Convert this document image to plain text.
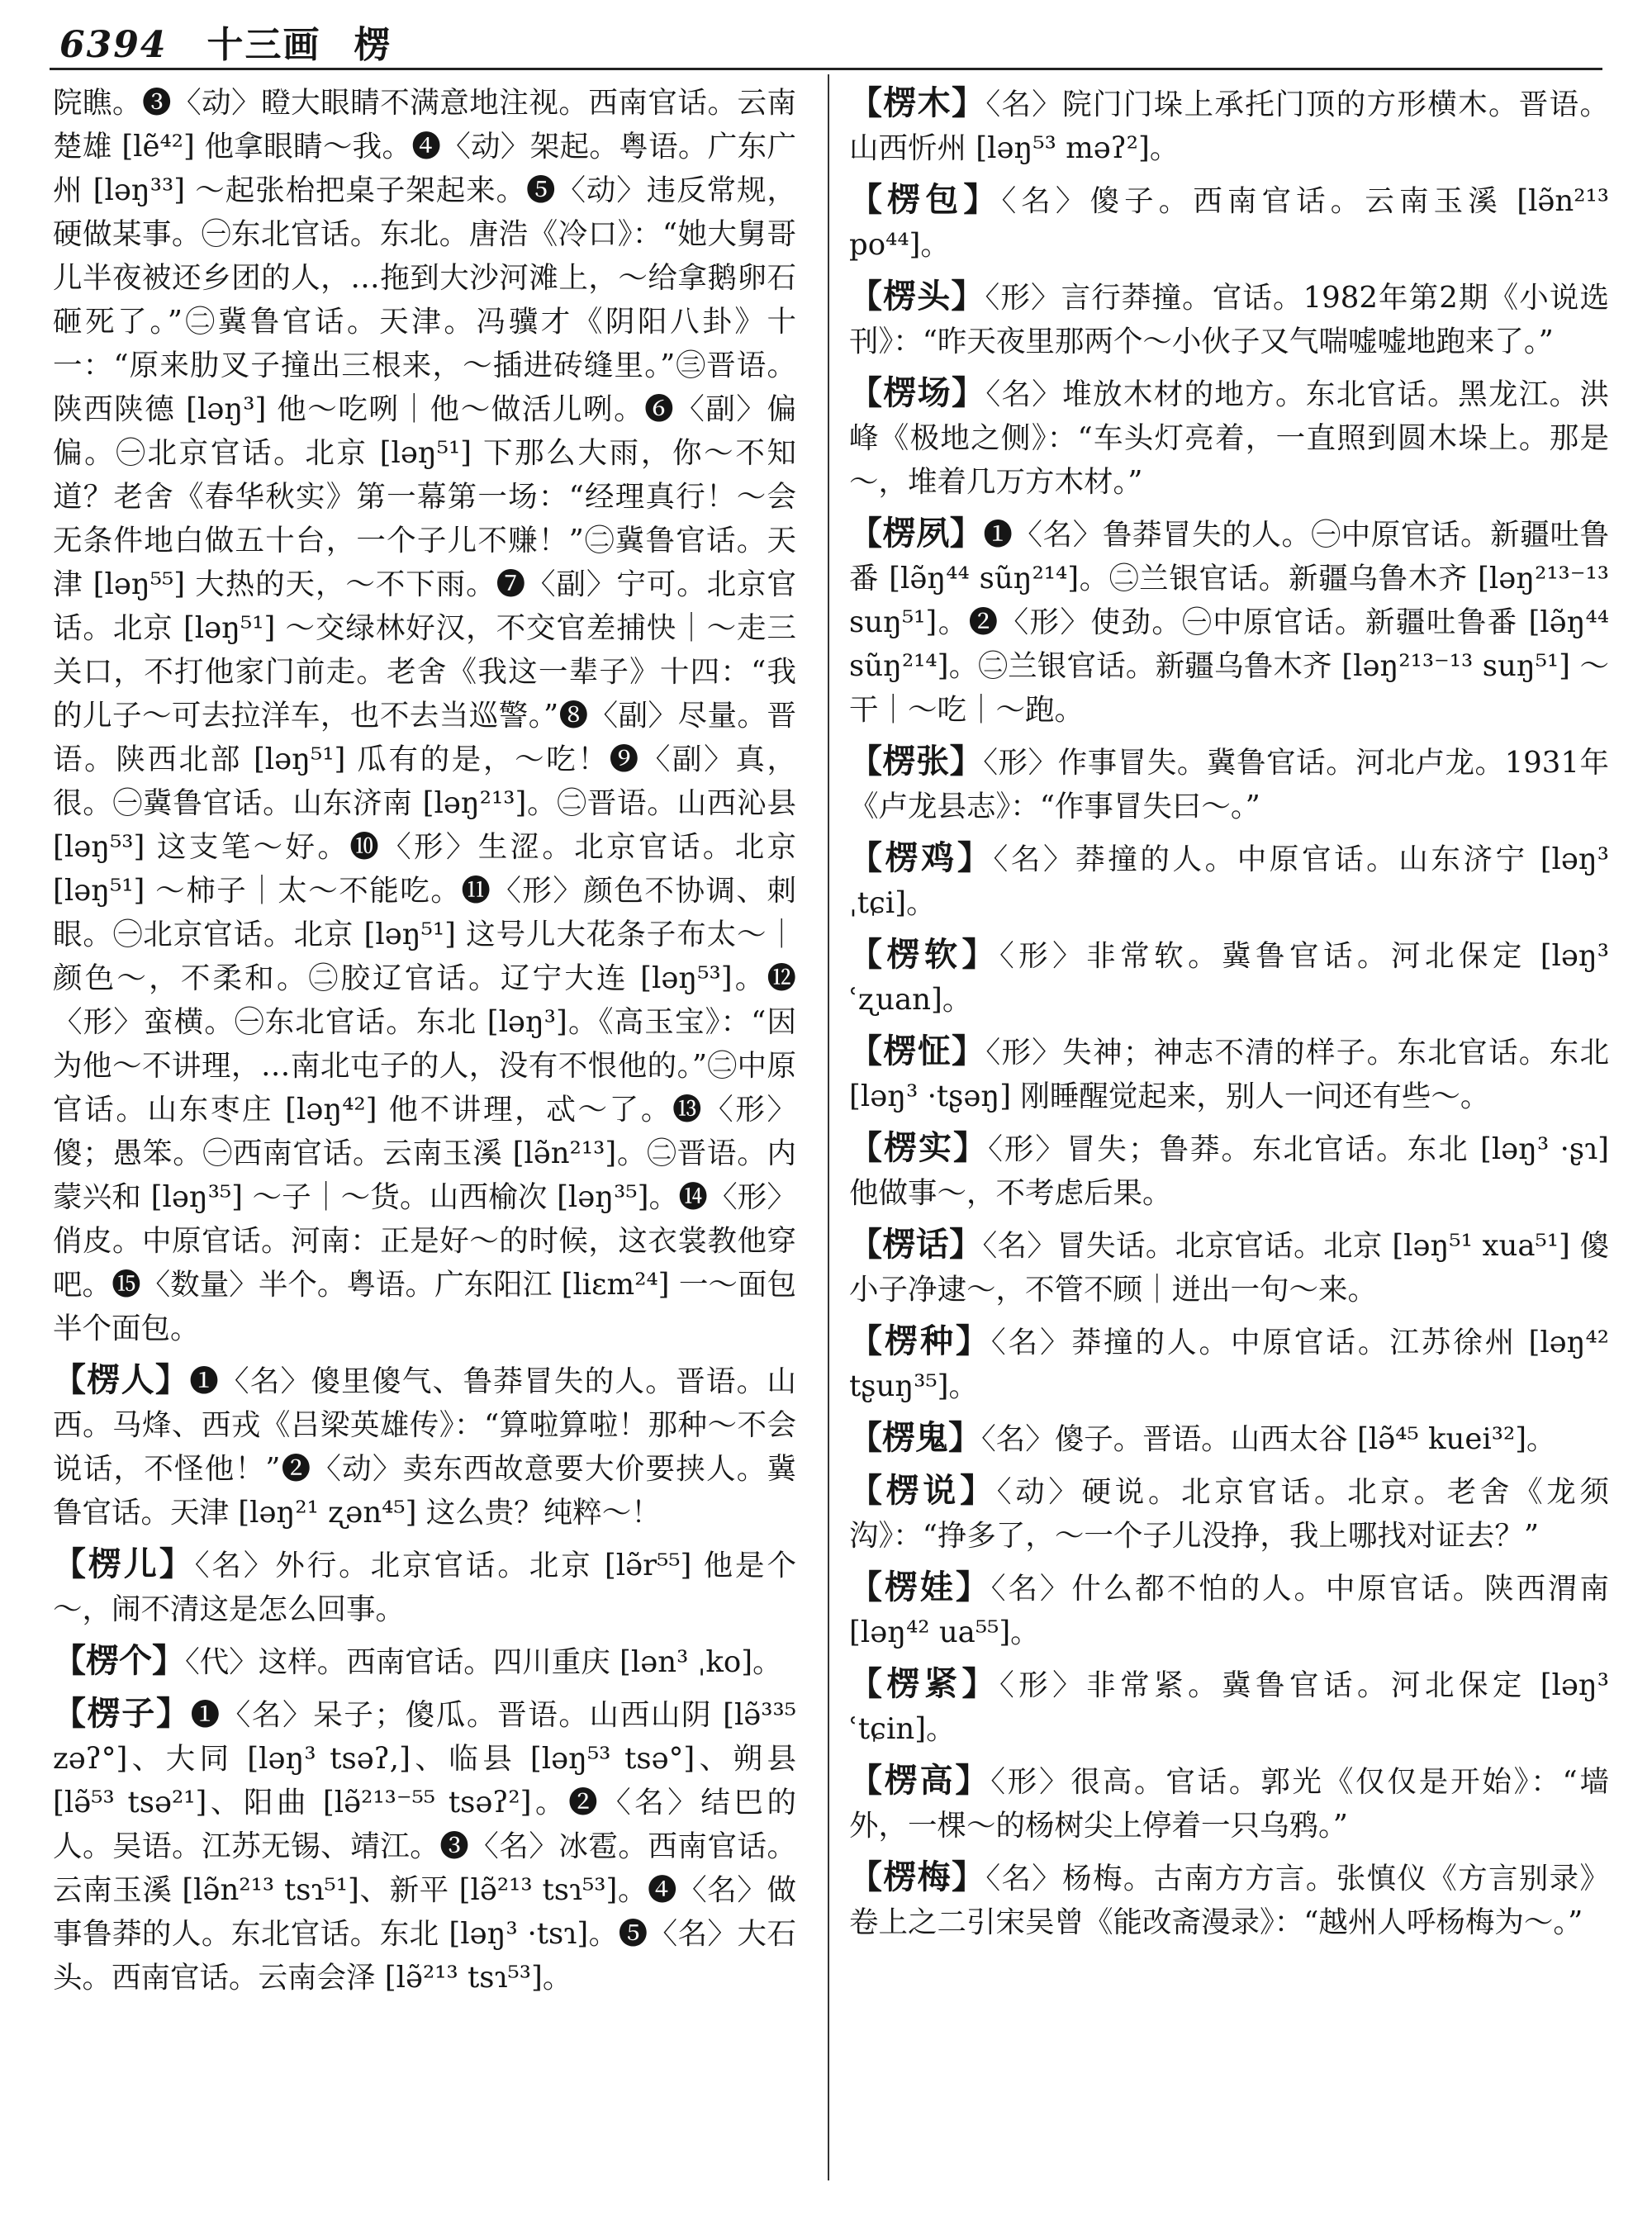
6394 十三画 楞

院瞧。❸〈动〉瞪大眼睛不满意地注视。西南官话。云南楚雄 [lẽ⁴²] 他拿眼睛～我。❹〈动〉架起。粤语。广东广州 [ləŋ³³] ～起张枱把桌子架起来。❺〈动〉违反常规，硬做某事。㊀东北官话。东北。唐浩《冷口》：“她大舅哥儿半夜被还乡团的人，…拖到大沙河滩上，～给拿鹅卵石砸死了。”㊁冀鲁官话。天津。冯骥才《阴阳八卦》十一：“原来肋叉子撞出三根来，～插进砖缝里。”㊂晋语。陕西陕德 [ləŋ³] 他～吃咧｜他～做活儿咧。❻〈副〉偏偏。㊀北京官话。北京 [ləŋ⁵¹] 下那么大雨，你～不知道？老舍《春华秋实》第一幕第一场：“经理真行！～会无条件地白做五十台，一个子儿不赚！”㊁冀鲁官话。天津 [ləŋ⁵⁵] 大热的天，～不下雨。❼〈副〉宁可。北京官话。北京 [ləŋ⁵¹] ～交绿林好汉，不交官差捕快｜～走三关口，不打他家门前走。老舍《我这一辈子》十四：“我的儿子～可去拉洋车，也不去当巡警。”❽〈副〉尽量。晋语。陕西北部 [ləŋ⁵¹] 瓜有的是，～吃！❾〈副〉真，很。㊀冀鲁官话。山东济南 [ləŋ²¹³]。㊁晋语。山西沁县 [ləŋ⁵³] 这支笔～好。❿〈形〉生涩。北京官话。北京 [ləŋ⁵¹] ～柿子｜太～不能吃。⓫〈形〉颜色不协调、刺眼。㊀北京官话。北京 [ləŋ⁵¹] 这号儿大花条子布太～｜颜色～，不柔和。㊁胶辽官话。辽宁大连 [ləŋ⁵³]。⓬〈形〉蛮横。㊀东北官话。东北 [ləŋ³]。《高玉宝》：“因为他～不讲理，…南北屯子的人，没有不恨他的。”㊁中原官话。山东枣庄 [ləŋ⁴²] 他不讲理，忒～了。⓭〈形〉傻；愚笨。㊀西南官话。云南玉溪 [lə̃n²¹³]。㊁晋语。内蒙兴和 [ləŋ³⁵] ～子｜～货。山西榆次 [ləŋ³⁵]。⓮〈形〉俏皮。中原官话。河南：正是好～的时候，这衣裳教他穿吧。⓯〈数量〉半个。粤语。广东阳江 [liɛm²⁴] 一～面包半个面包。

【楞人】❶〈名〉傻里傻气、鲁莽冒失的人。晋语。山西。马烽、西戎《吕梁英雄传》：“算啦算啦！那种～不会说话，不怪他！”❷〈动〉卖东西故意要大价要挟人。冀鲁官话。天津 [ləŋ²¹ ʐən⁴⁵] 这么贵？纯粹～！

【楞儿】〈名〉外行。北京官话。北京 [lə̃r⁵⁵] 他是个～，闹不清这是怎么回事。

【楞个】〈代〉这样。西南官话。四川重庆 [lən³ ˌko]。

【楞子】❶〈名〉呆子；傻瓜。晋语。山西山阴 [lə̃³³⁵ zəʔ°]、大同 [ləŋ³ tsəʔ,]、临县 [ləŋ⁵³ tsə°]、朔县 [lə̃⁵³ tsə²¹]、阳曲 [lə̃²¹³⁻⁵⁵ tsəʔ²]。❷〈名〉结巴的人。吴语。江苏无锡、靖江。❸〈名〉冰雹。西南官话。云南玉溪 [lə̃n²¹³ tsɿ⁵¹]、新平 [lə̃²¹³ tsɿ⁵³]。❹〈名〉做事鲁莽的人。东北官话。东北 [ləŋ³ ·tsɿ]。❺〈名〉大石头。西南官话。云南会泽 [lə̃²¹³ tsɿ⁵³]。

【楞木】〈名〉院门门垛上承托门顶的方形横木。晋语。山西忻州 [ləŋ⁵³ məʔ²]。

【楞包】〈名〉傻子。西南官话。云南玉溪 [lə̃n²¹³ po⁴⁴]。

【楞头】〈形〉言行莽撞。官话。1982年第2期《小说选刊》：“昨天夜里那两个～小伙子又气喘嘘嘘地跑来了。”

【楞场】〈名〉堆放木材的地方。东北官话。黑龙江。洪峰《极地之侧》：“车头灯亮着，一直照到圆木垛上。那是～，堆着几万方木材。”

【楞夙】❶〈名〉鲁莽冒失的人。㊀中原官话。新疆吐鲁番 [lə̃ŋ⁴⁴ sũŋ²¹⁴]。㊁兰银官话。新疆乌鲁木齐 [ləŋ²¹³⁻¹³ suŋ⁵¹]。❷〈形〉使劲。㊀中原官话。新疆吐鲁番 [lə̃ŋ⁴⁴ sũŋ²¹⁴]。㊁兰银官话。新疆乌鲁木齐 [ləŋ²¹³⁻¹³ suŋ⁵¹] ～干｜～吃｜～跑。

【楞张】〈形〉作事冒失。冀鲁官话。河北卢龙。1931年《卢龙县志》：“作事冒失曰～。”

【楞鸡】〈名〉莽撞的人。中原官话。山东济宁 [ləŋ³ ˌtɕi]。

【楞软】〈形〉非常软。冀鲁官话。河北保定 [ləŋ³ ʿʐuan]。

【楞怔】〈形〉失神；神志不清的样子。东北官话。东北 [ləŋ³ ·tʂəŋ] 刚睡醒觉起来，别人一问还有些～。

【楞实】〈形〉冒失；鲁莽。东北官话。东北 [ləŋ³ ·ʂɿ] 他做事～，不考虑后果。

【楞话】〈名〉冒失话。北京官话。北京 [ləŋ⁵¹ xua⁵¹] 傻小子净逮～，不管不顾｜迸出一句～来。

【楞种】〈名〉莽撞的人。中原官话。江苏徐州 [ləŋ⁴² tʂuŋ³⁵]。

【楞鬼】〈名〉傻子。晋语。山西太谷 [lə̃⁴⁵ kuei³²]。

【楞说】〈动〉硬说。北京官话。北京。老舍《龙须沟》：“挣多了，～一个子儿没挣，我上哪找对证去？”

【楞娃】〈名〉什么都不怕的人。中原官话。陕西渭南 [ləŋ⁴² ua⁵⁵]。

【楞紧】〈形〉非常紧。冀鲁官话。河北保定 [ləŋ³ ʿtɕin]。

【楞高】〈形〉很高。官话。郭光《仅仅是开始》：“墙外，一棵～的杨树尖上停着一只乌鸦。”

【楞梅】〈名〉杨梅。古南方方言。张慎仪《方言别录》卷上之二引宋吴曾《能改斋漫录》：“越州人呼杨梅为～。”
